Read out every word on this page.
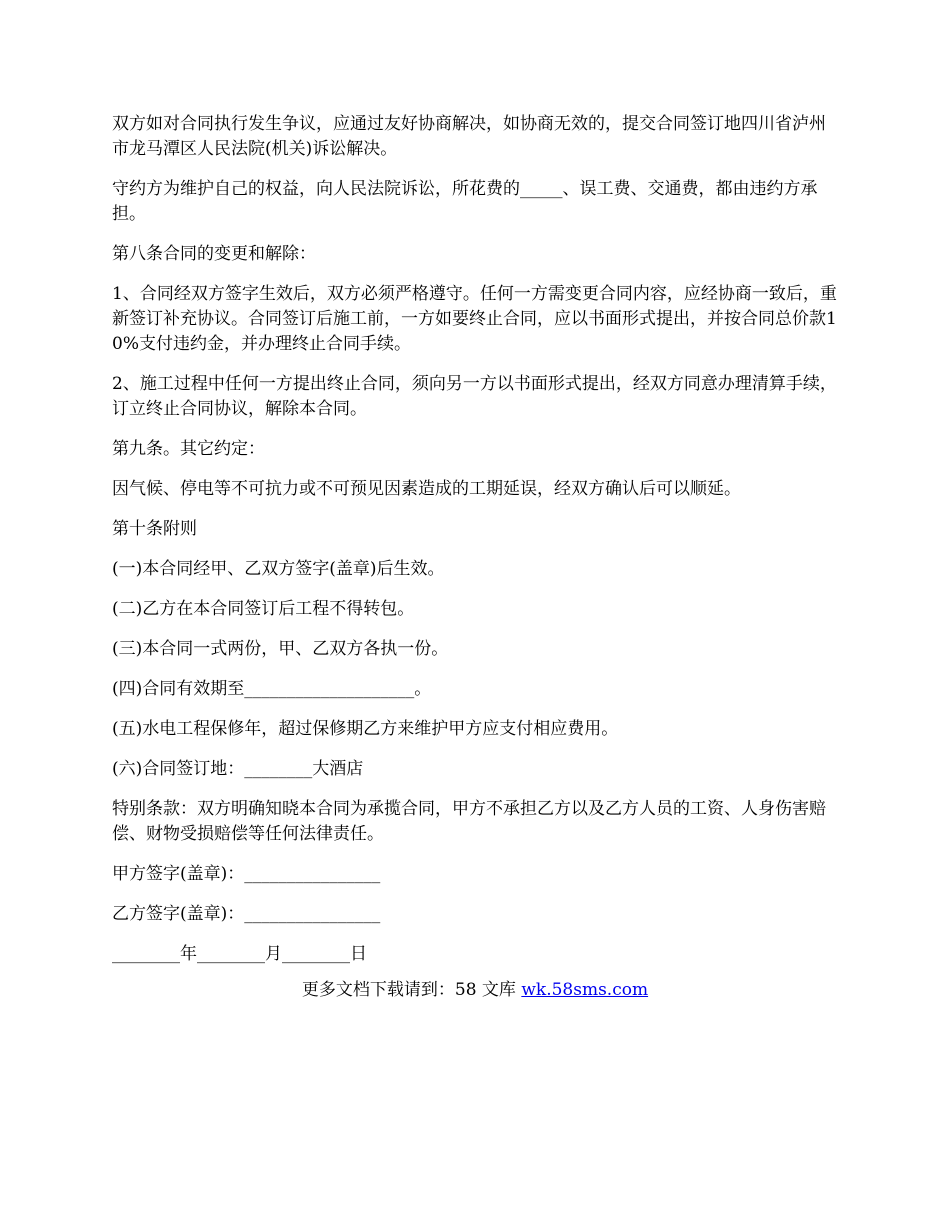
双方如对合同执行发生争议，应通过友好协商解决，如协商无效的，提交合同签订地四川省泸州市龙马潭区人民法院(机关)诉讼解决。

守约方为维护自己的权益，向人民法院诉讼，所花费的_____、误工费、交通费，都由违约方承担。

第八条合同的变更和解除：

1、合同经双方签字生效后，双方必须严格遵守。任何一方需变更合同内容，应经协商一致后，重新签订补充协议。合同签订后施工前，一方如要终止合同，应以书面形式提出，并按合同总价款10%支付违约金，并办理终止合同手续。

2、施工过程中任何一方提出终止合同，须向另一方以书面形式提出，经双方同意办理清算手续，订立终止合同协议，解除本合同。

第九条。其它约定：

因气候、停电等不可抗力或不可预见因素造成的工期延误，经双方确认后可以顺延。

第十条附则

(一)本合同经甲、乙双方签字(盖章)后生效。

(二)乙方在本合同签订后工程不得转包。

(三)本合同一式两份，甲、乙双方各执一份。

(四)合同有效期至____________________。

(五)水电工程保修年，超过保修期乙方来维护甲方应支付相应费用。

(六)合同签订地：________大酒店

特别条款：双方明确知晓本合同为承揽合同，甲方不承担乙方以及乙方人员的工资、人身伤害赔偿、财物受损赔偿等任何法律责任。

甲方签字(盖章)：________________

乙方签字(盖章)：________________

________年________月________日

更多文档下载请到：58 文库 wk.58sms.com
